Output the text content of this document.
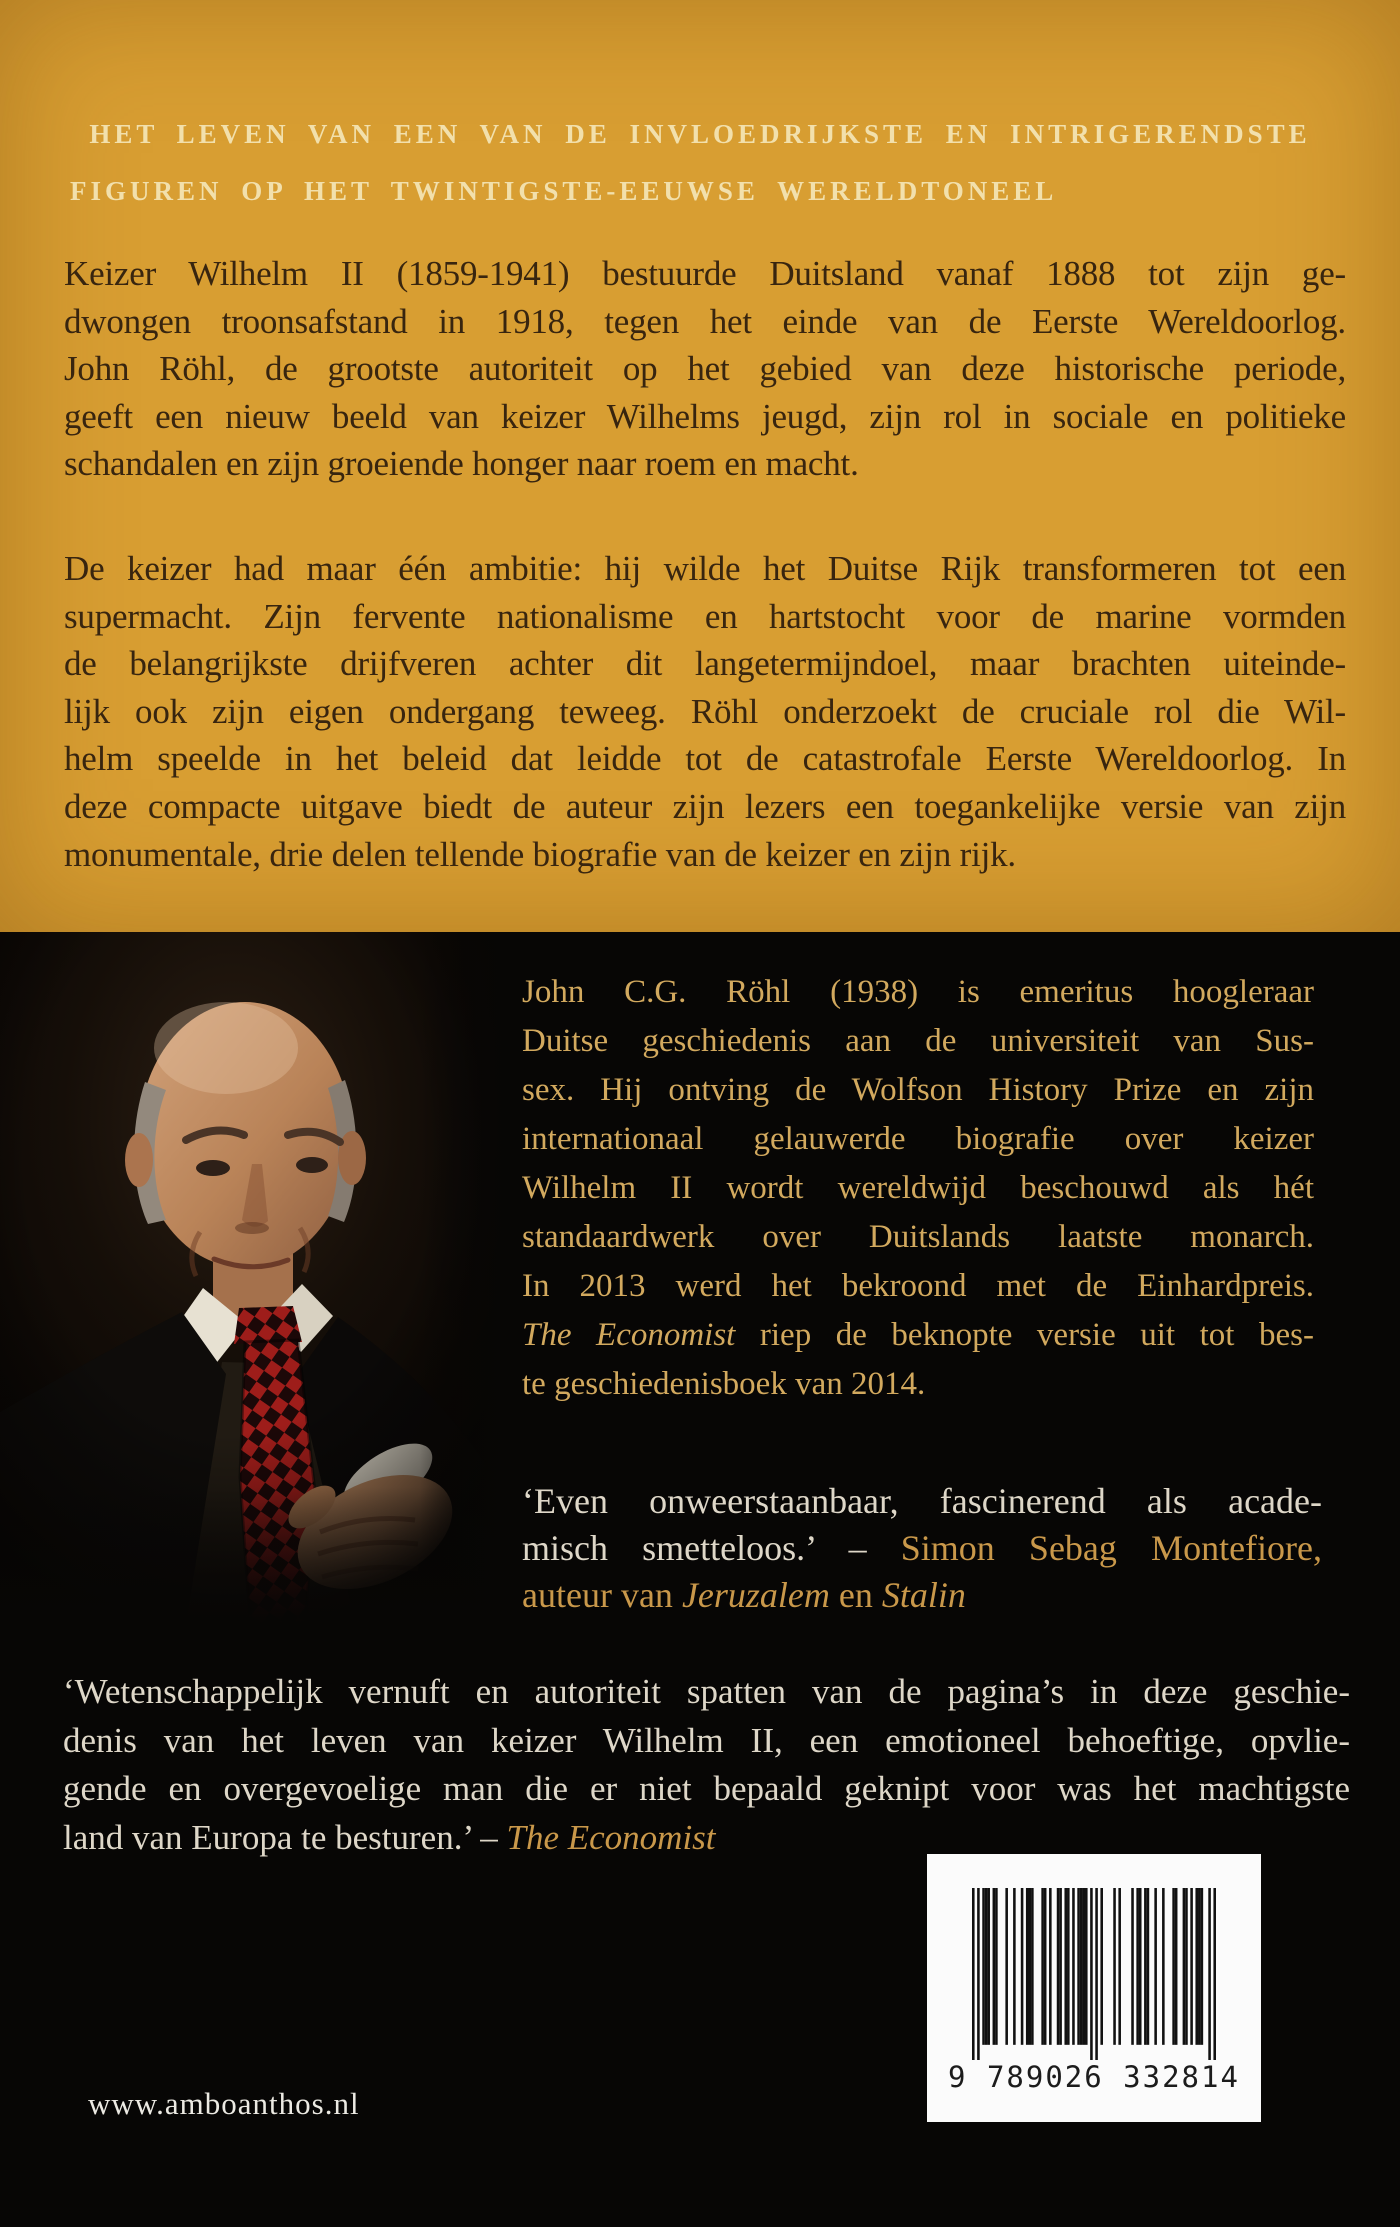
HET LEVEN VAN EEN VAN DE INVLOEDRIJKSTE EN INTRIGERENDSTE
FIGUREN OP HET TWINTIGSTE-EEUWSE WERELDTONEEL
Keizer Wilhelm II (1859-1941) bestuurde Duitsland vanaf 1888 tot zijn ge-
dwongen troonsafstand in 1918, tegen het einde van de Eerste Wereldoorlog.
John Röhl, de grootste autoriteit op het gebied van deze historische periode,
geeft een nieuw beeld van keizer Wilhelms jeugd, zijn rol in sociale en politieke
schandalen en zijn groeiende honger naar roem en macht.
De keizer had maar één ambitie: hij wilde het Duitse Rijk transformeren tot een
supermacht. Zijn fervente nationalisme en hartstocht voor de marine vormden
de belangrijkste drijfveren achter dit langetermijndoel, maar brachten uiteinde-
lijk ook zijn eigen ondergang teweeg. Röhl onderzoekt de cruciale rol die Wil-
helm speelde in het beleid dat leidde tot de catastrofale Eerste Wereldoorlog. In
deze compacte uitgave biedt de auteur zijn lezers een toegankelijke versie van zijn
monumentale, drie delen tellende biografie van de keizer en zijn rijk.
John C.G. Röhl (1938) is emeritus hoogleraar
Duitse geschiedenis aan de universiteit van Sus-
sex. Hij ontving de Wolfson History Prize en zijn
internationaal gelauwerde biografie over keizer
Wilhelm II wordt wereldwijd beschouwd als hét
standaardwerk over Duitslands laatste monarch.
In 2013 werd het bekroond met de Einhardpreis.
The Economist riep de beknopte versie uit tot bes-
te geschiedenisboek van 2014.
‘Even onweerstaanbaar, fascinerend als acade-
misch smetteloos.’ – Simon Sebag Montefiore,
auteur van Jeruzalem en Stalin
‘Wetenschappelijk vernuft en autoriteit spatten van de pagina’s in deze geschie-
denis van het leven van keizer Wilhelm II, een emotioneel behoeftige, opvlie-
gende en overgevoelige man die er niet bepaald geknipt voor was het machtigste
land van Europa te besturen.’ – The Economist
www.amboanthos.nl
9 789026 332814
